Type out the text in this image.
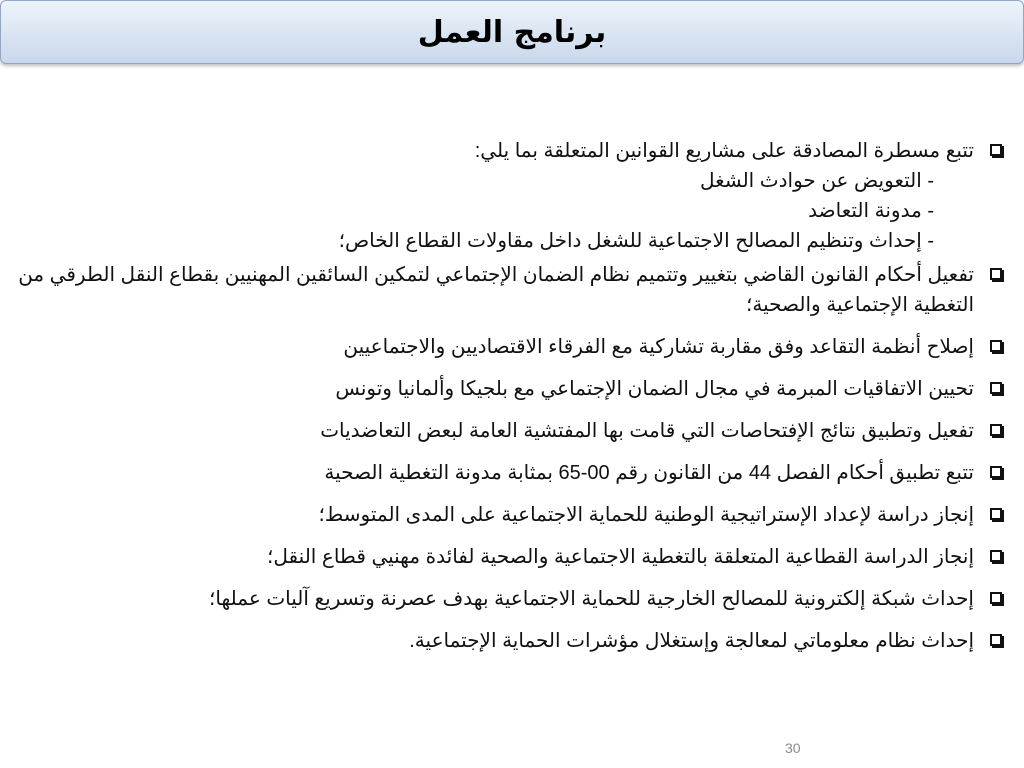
برنامج العمل
تتبع مسطرة المصادقة على مشاريع القوانين المتعلقة بما يلي:
- التعويض عن حوادث الشغل
- مدونة التعاضد
- إحداث وتنظيم المصالح الاجتماعية للشغل داخل مقاولات القطاع الخاص؛
تفعيل أحكام القانون القاضي بتغيير وتتميم نظام الضمان الإجتماعي لتمكين السائقين المهنيين بقطاع النقل الطرقي من التغطية الإجتماعية والصحية؛
إصلاح أنظمة التقاعد وفق مقاربة تشاركية مع الفرقاء الاقتصاديين والاجتماعيين
تحيين الاتفاقيات المبرمة في مجال الضمان الإجتماعي مع بلجيكا وألمانيا وتونس
تفعيل وتطبيق نتائج الإفتحاصات التي قامت بها المفتشية العامة لبعض التعاضديات
تتبع تطبيق أحكام الفصل 44 من القانون رقم 00-65 بمثابة مدونة التغطية الصحية
إنجاز دراسة لإعداد الإستراتيجية الوطنية للحماية الاجتماعية على المدى المتوسط؛
إنجاز الدراسة القطاعية المتعلقة بالتغطية الاجتماعية والصحية لفائدة مهنيي قطاع النقل؛
إحداث شبكة إلكترونية للمصالح الخارجية للحماية الاجتماعية بهدف عصرنة وتسريع آليات عملها؛
إحداث نظام معلوماتي لمعالجة وإستغلال مؤشرات الحماية الإجتماعية.
30
